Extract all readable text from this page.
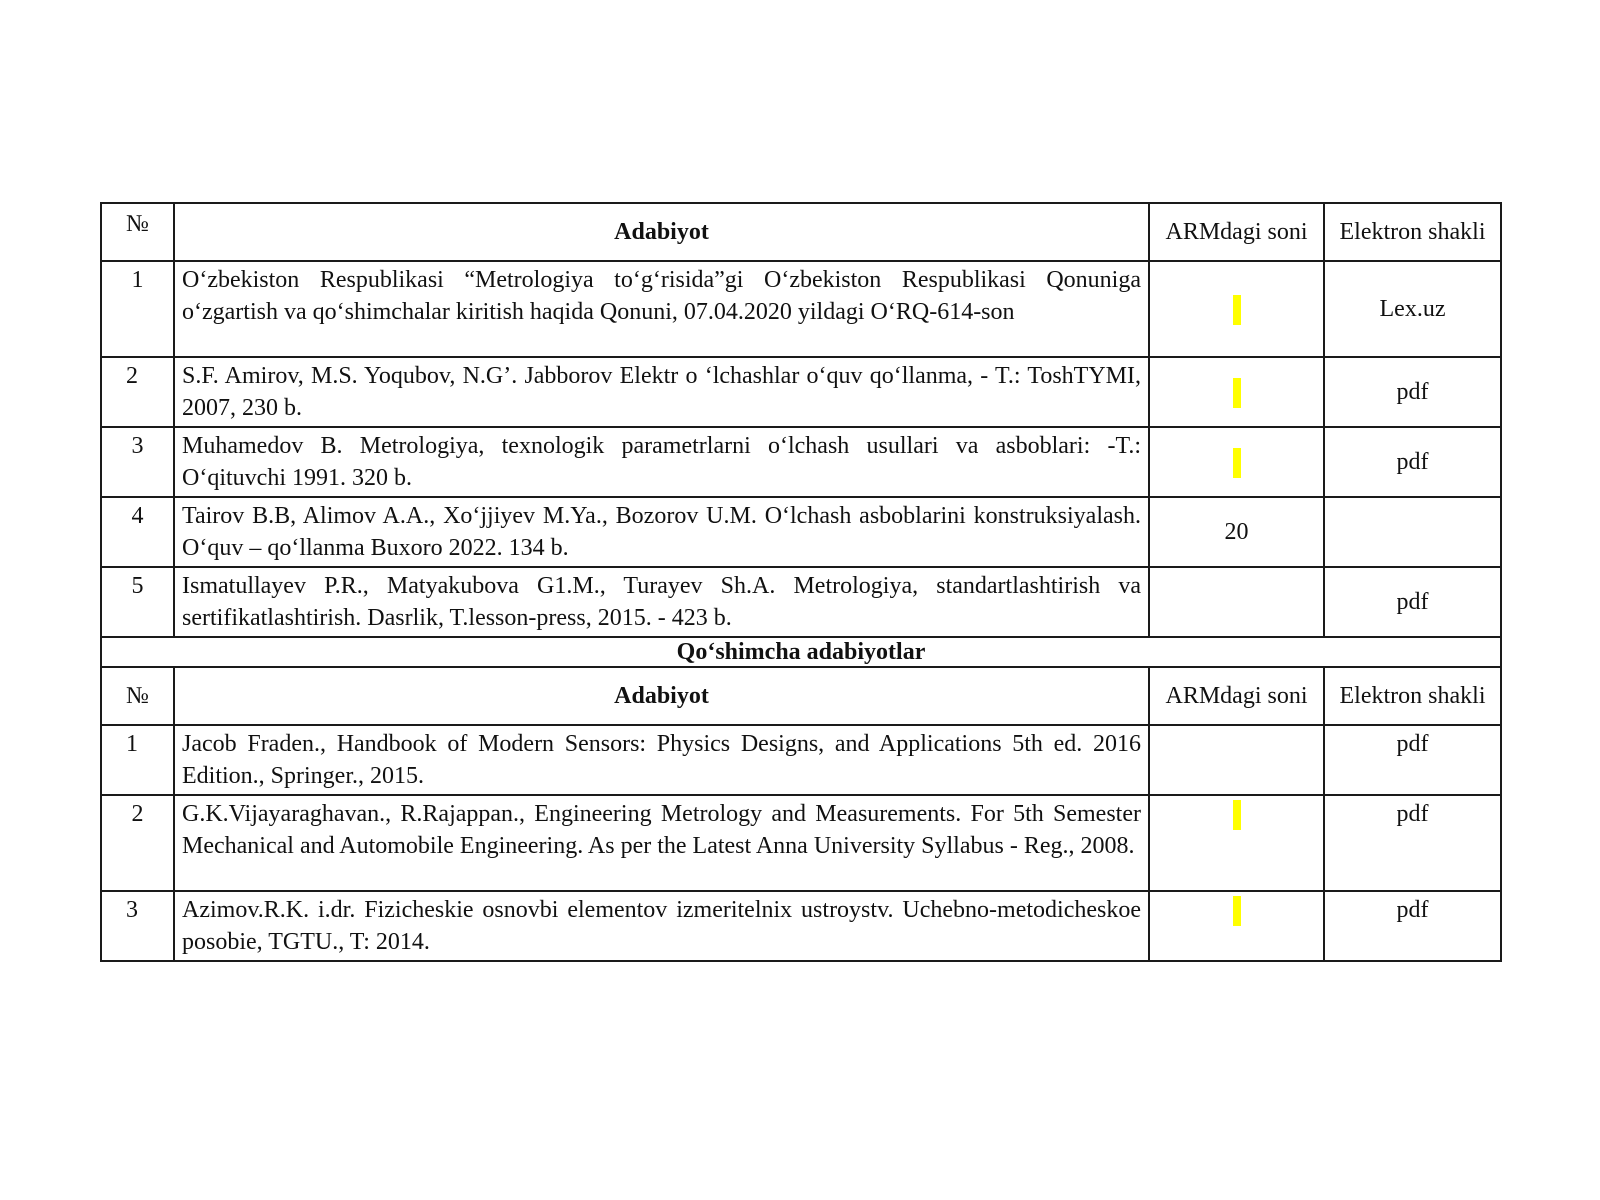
№	Adabiyot	ARMdagi soni	Elektron shakli
1	O‘zbekiston Respublikasi “Metrologiya to‘g‘risida”gi O‘zbekiston Respublikasi Qonuniga o‘zgartish va qo‘shimchalar kiritish haqida Qonuni, 07.04.2020 yildagi O‘RQ-614-son		Lex.uz
2	S.F. Amirov, M.S. Yoqubov, N.G’. Jabborov Elektr o ‘lchashlar o‘quv qo‘llanma, - T.: ToshTYMI, 2007, 230 b.		pdf
3	Muhamedov B. Metrologiya, texnologik parametrlarni o‘lchash usullari va asboblari: -T.: O‘qituvchi 1991. 320 b.		pdf
4	Tairov B.B, Alimov A.A., Xo‘jjiyev M.Ya., Bozorov U.M. O‘lchash asboblarini konstruksiyalash. O‘quv – qo‘llanma Buxoro 2022. 134 b.	20	
5	Ismatullayev P.R., Matyakubova G1.M., Turayev Sh.A. Metrologiya, standartlashtirish va sertifikatlashtirish. Dasrlik, T.lesson-press, 2015. - 423 b.		pdf
Qo‘shimcha adabiyotlar			
№	Adabiyot	ARMdagi soni	Elektron shakli
1	Jacob Fraden., Handbook of Modern Sensors: Physics Designs, and Applications 5th ed. 2016 Edition., Springer., 2015.		pdf
2	G.K.Vijayaraghavan., R.Rajappan., Engineering Metrology and Measurements. For 5th Semester Mechanical and Automobile Engineering. As per the Latest Anna University Syllabus - Reg., 2008.		pdf
3	Azimov.R.K. i.dr. Fizicheskie osnovbi elementov izmeritelnix ustroystv. Uchebno-metodicheskoe posobie, TGTU., T: 2014.		pdf
